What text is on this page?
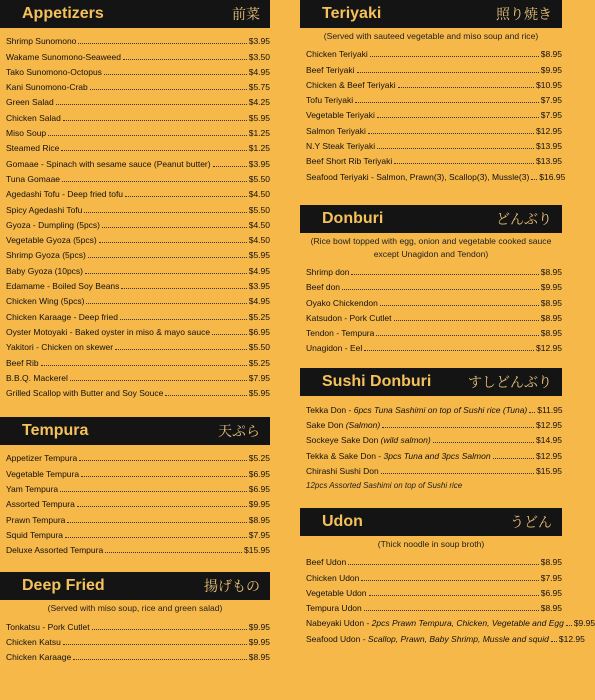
Appetizers	前菜
Shrimp Sunomono	$3.95
Wakame Sunomono-Seaweed	$3.50
Tako Sunomono-Octopus	$4.95
Kani Sunomono-Crab	$5.75
Green Salad	$4.25
Chicken Salad	$5.95
Miso Soup	$1.25
Steamed Rice	$1.25
Gomaae - Spinach with sesame sauce (Peanut butter)	$3.95
Tuna Gomaae	$5.50
Agedashi Tofu - Deep fried tofu	$4.50
Spicy Agedashi Tofu	$5.50
Gyoza - Dumpling (5pcs)	$4.50
Vegetable Gyoza (5pcs)	$4.50
Shrimp Gyoza (5pcs)	$5.95
Baby Gyoza (10pcs)	$4.95
Edamame - Boiled Soy Beans	$3.95
Chicken Wing (5pcs)	$4.95
Chicken Karaage - Deep fried	$5.25
Oyster Motoyaki - Baked oyster in miso & mayo sauce	$6.95
Yakitori - Chicken on skewer	$5.50
Beef Rib	$5.25
B.B.Q. Mackerel	$7.95
Grilled Scallop with Butter and Soy Souce	$5.95
Tempura	天ぷら
Appetizer Tempura	$5.25
Vegetable Tempura	$6.95
Yam Tempura	$6.95
Assorted Tempura	$9.95
Prawn Tempura	$8.95
Squid Tempura	$7.95
Deluxe Assorted Tempura	$15.95
Deep Fried	揚げもの
(Served with miso soup, rice and green salad)
Tonkatsu - Pork Cutlet	$9.95
Chicken Katsu	$9.95
Chicken Karaage	$8.95
Teriyaki	照り焼き
(Served with sauteed vegetable and miso soup and rice)
Chicken Teriyaki	$8.95
Beef Teriyaki	$9.95
Chicken & Beef Teriyaki	$10.95
Tofu Teriyaki	$7.95
Vegetable Teriyaki	$7.95
Salmon Teriyaki	$12.95
N.Y Steak Teriyaki	$13.95
Beef Short Rib Teriyaki	$13.95
Seafood Teriyaki - Salmon, Prawn(3), Scallop(3), Mussle(3) $16.95
Donburi	どんぶり
(Rice bowl topped with egg, onion and vegetable cooked sauce except Unagidon and Tendon)
Shrimp don	$8.95
Beef don	$9.95
Oyako Chickendon	$8.95
Katsudon - Pork Cutlet	$8.95
Tendon - Tempura	$8.95
Unagidon - Eel	$12.95
Sushi Donburi	すしどんぶり
Tekka Don - 6pcs Tuna Sashimi on top of Sushi rice (Tuna) $11.95
Sake Don (Salmon)	$12.95
Sockeye Sake Don (wild salmon)	$14.95
Tekka & Sake Don - 3pcs Tuna and 3pcs Salmon	$12.95
Chirashi Sushi Don	$15.95
12pcs Assorted Sashimi on top of Sushi rice
Udon	うどん
(Thick noodle in soup broth)
Beef Udon	$8.95
Chicken Udon	$7.95
Vegetable Udon	$6.95
Tempura Udon	$8.95
Nabeyaki Udon - 2pcs Prawn Tempura, Chicken, Vegetable and Egg $9.95
Seafood Udon - Scallop, Prawn, Baby Shrimp, Mussle and squid $12.95
